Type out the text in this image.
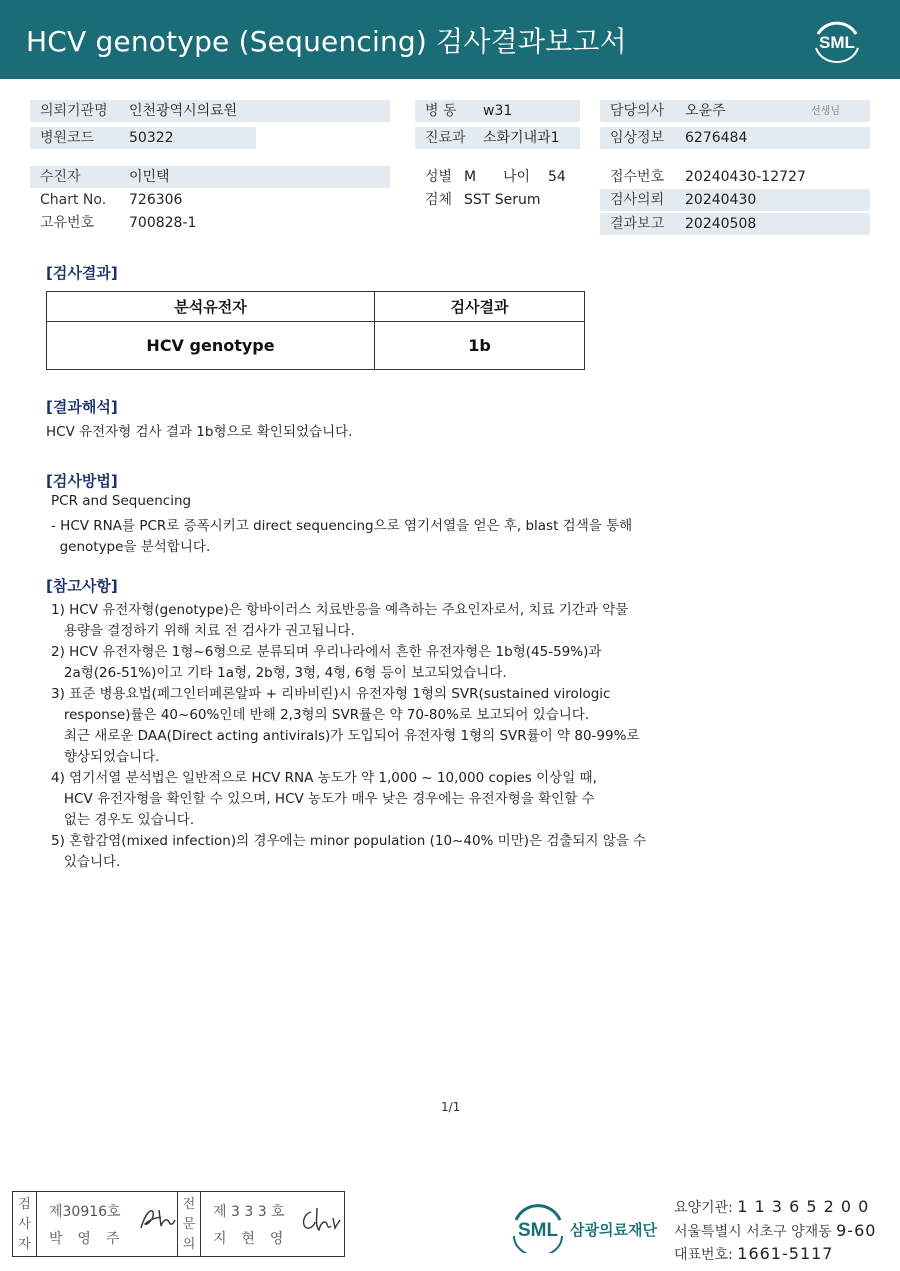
HCV genotype (Sequencing) 검사결과보고서	SML
의뢰기관명 인천광역시의료원
병원코드 50322
병 동 w31
진료과 소화기내과1
담당의사 오윤주	선생님
임상정보 6276484
수진자	이민택
Chart No. 726306
고유번호 700828-1
성별 M 나이 54
검체 SST Serum
접수번호 20240430-12727
검사의뢰 20240430
결과보고 20240508
[검사결과]
분석유전자	검사결과
HCV genotype	1b
[결과해석]
HCV 유전자형 검사 결과 1b형으로 확인되었습니다.
[검사방법]
PCR and Sequencing
- HCV RNA를 PCR로 증폭시키고 direct sequencing으로 염기서열을 얻은 후, blast 검색을 통해
genotype을 분석합니다.
[참고사항]
1) HCV 유전자형(genotype)은 항바이러스 치료반응을 예측하는 주요인자로서, 치료 기간과 약물
용량을 결정하기 위해 치료 전 검사가 권고됩니다.
2) HCV 유전자형은 1형~6형으로 분류되며 우리나라에서 흔한 유전자형은 1b형(45-59%)과
2a형(26-51%)이고 기타 1a형, 2b형, 3형, 4형, 6형 등이 보고되었습니다.
3) 표준 병용요법(페그인터페론알파 + 리바비린)시 유전자형 1형의 SVR(sustained virologic
response)률은 40~60%인데 반해 2,3형의 SVR률은 약 70-80%로 보고되어 있습니다.
최근 새로운 DAA(Direct acting antivirals)가 도입되어 유전자형 1형의 SVR률이 약 80-99%로
향상되었습니다.
4) 염기서열 분석법은 일반적으로 HCV RNA 농도가 약 1,000 ~ 10,000 copies 이상일 때,
HCV 유전자형을 확인할 수 있으며, HCV 농도가 매우 낮은 경우에는 유전자형을 확인할 수
없는 경우도 있습니다.
5) 혼합감염(mixed infection)의 경우에는 minor population (10~40% 미만)은 검출되지 않을 수
있습니다.
1/1
검
사
자
제30916호
박  영  주
전
문
의
제 3 3 3 호
지  현  영	SML 삼광의료재단
요양기관: 1 1 3 6 5 2 0 0
서울특별시 서초구 양재동 9-60
대표번호: 1661-5117
